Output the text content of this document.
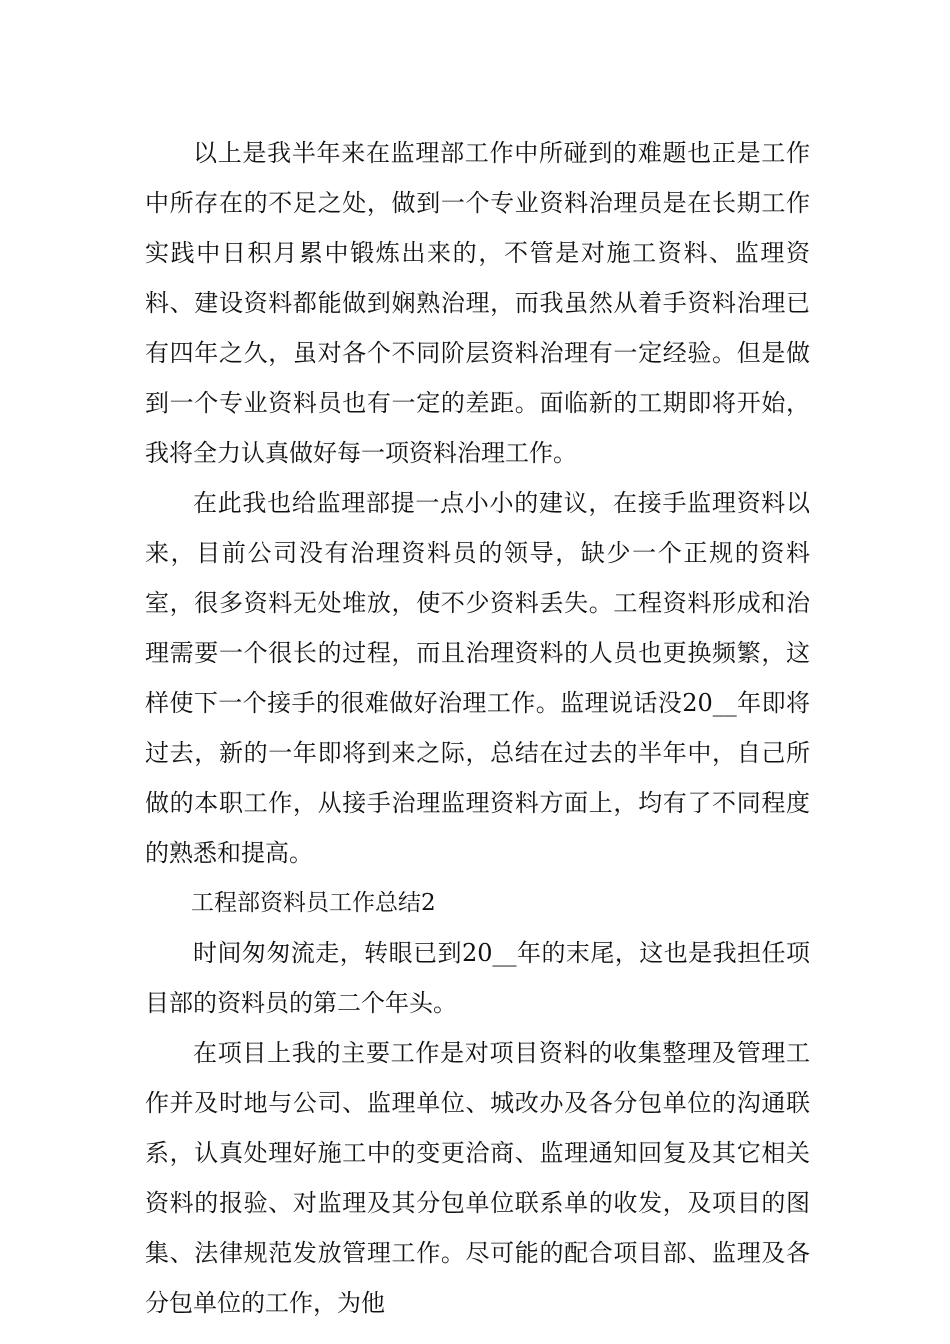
以上是我半年来在监理部工作中所碰到的难题也正是工作中所存在的不足之处，做到一个专业资料治理员是在长期工作实践中日积月累中锻炼出来的，不管是对施工资料、监理资料、建设资料都能做到娴熟治理，而我虽然从着手资料治理已有四年之久，虽对各个不同阶层资料治理有一定经验。但是做到一个专业资料员也有一定的差距。面临新的工期即将开始，我将全力认真做好每一项资料治理工作。

在此我也给监理部提一点小小的建议，在接手监理资料以来，目前公司没有治理资料员的领导，缺少一个正规的资料室，很多资料无处堆放，使不少资料丢失。工程资料形成和治理需要一个很长的过程，而且治理资料的人员也更换频繁，这样使下一个接手的很难做好治理工作。监理说话没20__年即将过去，新的一年即将到来之际，总结在过去的半年中，自己所做的本职工作，从接手治理监理资料方面上，均有了不同程度的熟悉和提高。

工程部资料员工作总结2

时间匆匆流走，转眼已到20__年的末尾，这也是我担任项目部的资料员的第二个年头。

在项目上我的主要工作是对项目资料的收集整理及管理工作并及时地与公司、监理单位、城改办及各分包单位的沟通联系，认真处理好施工中的变更洽商、监理通知回复及其它相关资料的报验、对监理及其分包单位联系单的收发，及项目的图集、法律规范发放管理工作。尽可能的配合项目部、监理及各分包单位的工作，为他
